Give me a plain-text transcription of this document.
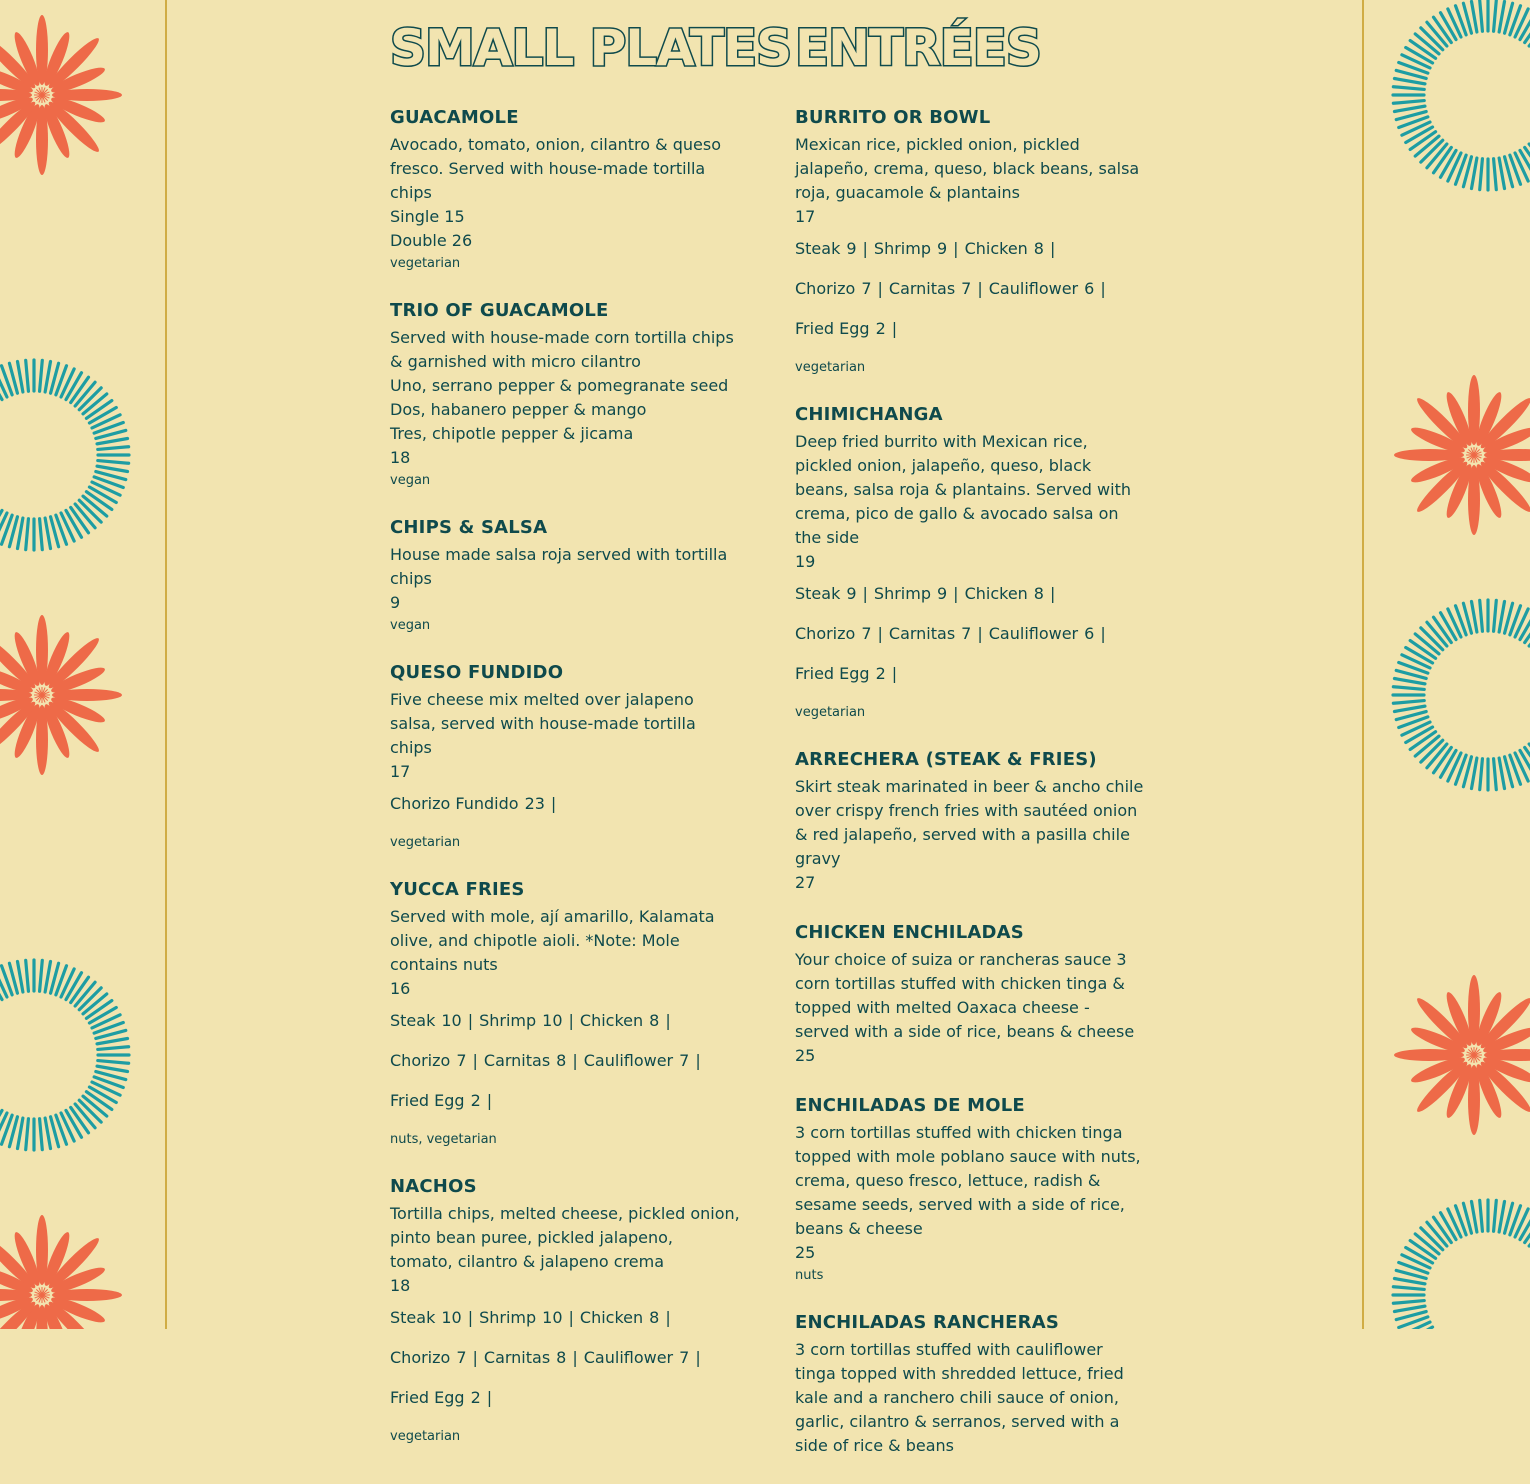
SMALL PLATES
GUACAMOLE
Avocado, tomato, onion, cilantro & queso fresco. Served with house-made tortilla chips
Single 15
Double 26
vegetarian
TRIO OF GUACAMOLE
Served with house-made corn tortilla chips & garnished with micro cilantro
Uno, serrano pepper & pomegranate seed
Dos, habanero pepper & mango
Tres, chipotle pepper & jicama
18
vegan
CHIPS & SALSA
House made salsa roja served with tortilla chips
9
vegan
QUESO FUNDIDO
Five cheese mix melted over jalapeno salsa, served with house-made tortilla chips
17
Chorizo Fundido 23 |
vegetarian
YUCCA FRIES
Served with mole, ají amarillo, Kalamata olive, and chipotle aioli. *Note: Mole contains nuts
16
Steak 10 | Shrimp 10 | Chicken 8 |
Chorizo 7 | Carnitas 8 | Cauliflower 7 |
Fried Egg 2 |
nuts, vegetarian
NACHOS
Tortilla chips, melted cheese, pickled onion, pinto bean puree, pickled jalapeno, tomato, cilantro & jalapeno crema
18
Steak 10 | Shrimp 10 | Chicken 8 |
Chorizo 7 | Carnitas 8 | Cauliflower 7 |
Fried Egg 2 |
vegetarian
ENTRÉES
BURRITO OR BOWL
Mexican rice, pickled onion, pickled jalapeño, crema, queso, black beans, salsa roja, guacamole & plantains
17
Steak 9 | Shrimp 9 | Chicken 8 |
Chorizo 7 | Carnitas 7 | Cauliflower 6 |
Fried Egg 2 |
vegetarian
CHIMICHANGA
Deep fried burrito with Mexican rice, pickled onion, jalapeño, queso, black beans, salsa roja & plantains. Served with crema, pico de gallo & avocado salsa on the side
19
Steak 9 | Shrimp 9 | Chicken 8 |
Chorizo 7 | Carnitas 7 | Cauliflower 6 |
Fried Egg 2 |
vegetarian
ARRECHERA (STEAK & FRIES)
Skirt steak marinated in beer & ancho chile over crispy french fries with sautéed onion & red jalapeño, served with a pasilla chile gravy
27
CHICKEN ENCHILADAS
Your choice of suiza or rancheras sauce 3 corn tortillas stuffed with chicken tinga & topped with melted Oaxaca cheese - served with a side of rice, beans & cheese
25
ENCHILADAS DE MOLE
3 corn tortillas stuffed with chicken tinga topped with mole poblano sauce with nuts, crema, queso fresco, lettuce, radish & sesame seeds, served with a side of rice, beans & cheese
25
nuts
ENCHILADAS RANCHERAS
3 corn tortillas stuffed with cauliflower tinga topped with shredded lettuce, fried kale and a ranchero chili sauce of onion, garlic, cilantro & serranos, served with a side of rice & beans
